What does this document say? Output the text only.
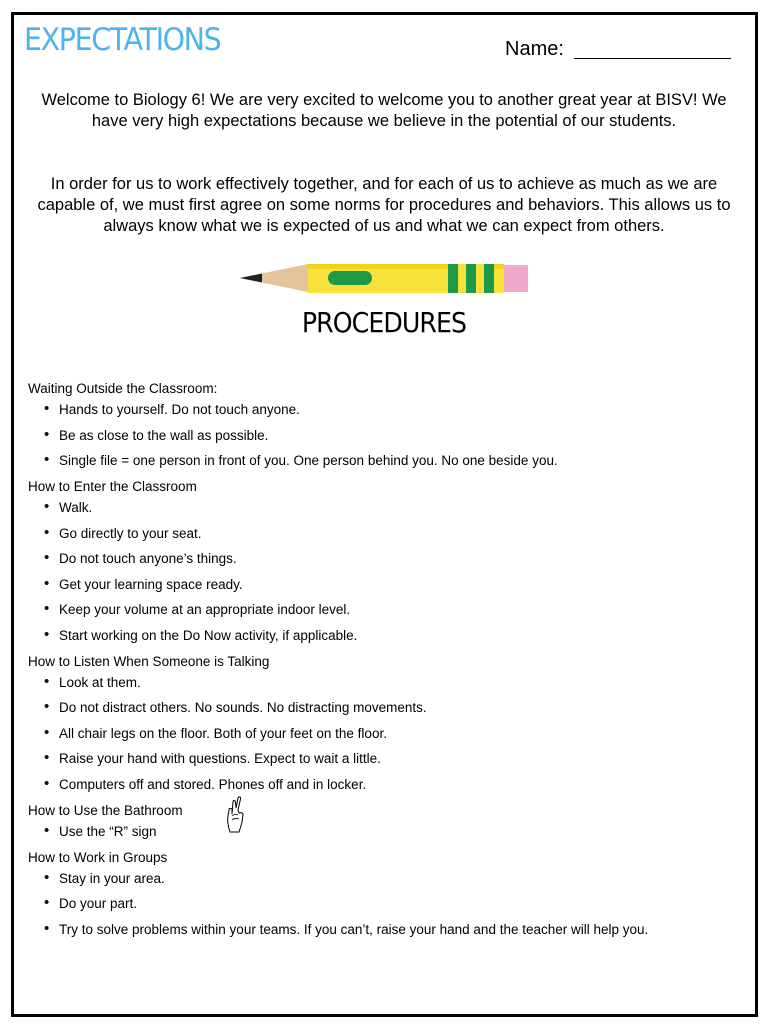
EXPECTATIONS	Name:
Welcome to Biology 6! We are very excited to welcome you to another great year at BISV! We have very high expectations because we believe in the potential of our students.
In order for us to work effectively together, and for each of us to achieve as much as we are capable of, we must first agree on some norms for procedures and behaviors. This allows us to always know what we is expected of us and what we can expect from others.
PROCEDURES
Waiting Outside the Classroom:
• Hands to yourself. Do not touch anyone.
• Be as close to the wall as possible.
• Single file = one person in front of you. One person behind you. No one beside you.
How to Enter the Classroom
• Walk.
• Go directly to your seat.
• Do not touch anyone’s things.
• Get your learning space ready.
• Keep your volume at an appropriate indoor level.
• Start working on the Do Now activity, if applicable.
How to Listen When Someone is Talking
• Look at them.
• Do not distract others. No sounds. No distracting movements.
• All chair legs on the floor. Both of your feet on the floor.
• Raise your hand with questions. Expect to wait a little.
• Computers off and stored. Phones off and in locker.
How to Use the Bathroom
• Use the “R” sign
How to Work in Groups
• Stay in your area.
• Do your part.
• Try to solve problems within your teams. If you can’t, raise your hand and the teacher will help you.
